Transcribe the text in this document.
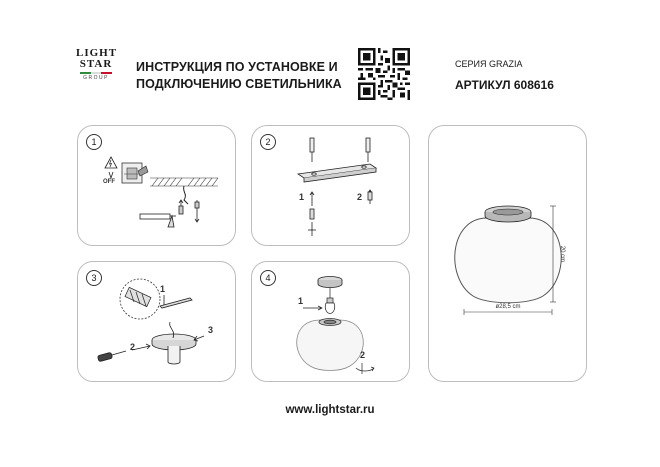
LIGHT
STAR
GROUP
ИНСТРУКЦИЯ ПО УСТАНОВКЕ И
ПОДКЛЮЧЕНИЮ СВЕТИЛЬНИКА
СЕРИЯ GRAZIA
АРТИКУЛ 608616
1
OFF
2
1	2
3
1
3
2
4
1
2
20 cm
ø28,5 cm
www.lightstar.ru
